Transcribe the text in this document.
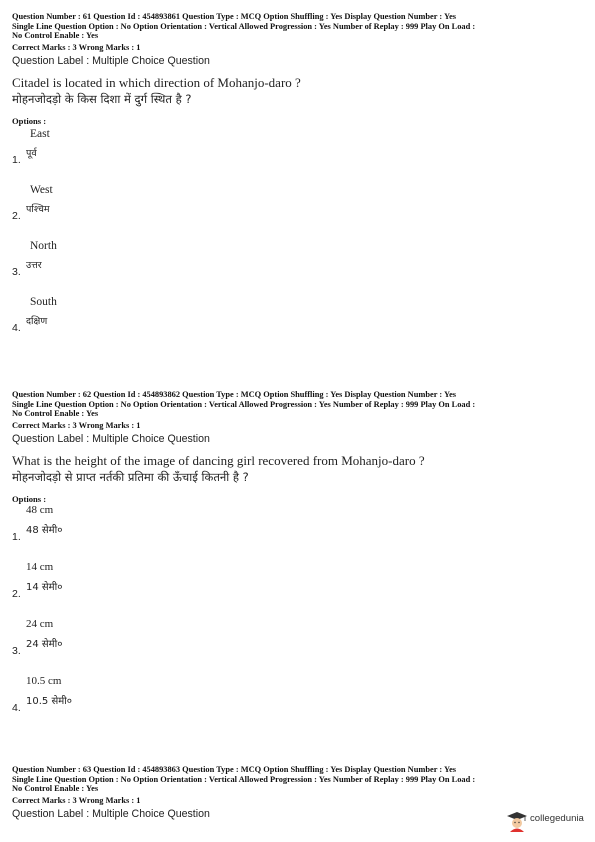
Question Number : 61 Question Id : 454893861 Question Type : MCQ Option Shuffling : Yes Display Question Number : Yes
Single Line Question Option : No Option Orientation : Vertical Allowed Progression : Yes Number of Replay : 999 Play On Load :
No Control Enable : Yes
Correct Marks : 3 Wrong Marks : 1
Question Label : Multiple Choice Question
Citadel is located in which direction of Mohanjo-daro ?
मोहनजोदड़ो के किस दिशा में दुर्ग स्थित है ?
Options :
East
पूर्व
1.
West
पश्चिम
2.
North
उत्तर
3.
South
दक्षिण
4.
Question Number : 62 Question Id : 454893862 Question Type : MCQ Option Shuffling : Yes Display Question Number : Yes
Single Line Question Option : No Option Orientation : Vertical Allowed Progression : Yes Number of Replay : 999 Play On Load :
No Control Enable : Yes
Correct Marks : 3 Wrong Marks : 1
Question Label : Multiple Choice Question
What is the height of the image of dancing girl recovered from Mohanjo-daro ?
मोहनजोदड़ो से प्राप्त नर्तकी प्रतिमा की ऊँचाई कितनी है ?
Options :
48 cm
48 सेमी०
1.
14 cm
14 सेमी०
2.
24 cm
24 सेमी०
3.
10.5 cm
10.5 सेमी०
4.
Question Number : 63 Question Id : 454893863 Question Type : MCQ Option Shuffling : Yes Display Question Number : Yes
Single Line Question Option : No Option Orientation : Vertical Allowed Progression : Yes Number of Replay : 999 Play On Load :
No Control Enable : Yes
Correct Marks : 3 Wrong Marks : 1
Question Label : Multiple Choice Question	collegedunia
